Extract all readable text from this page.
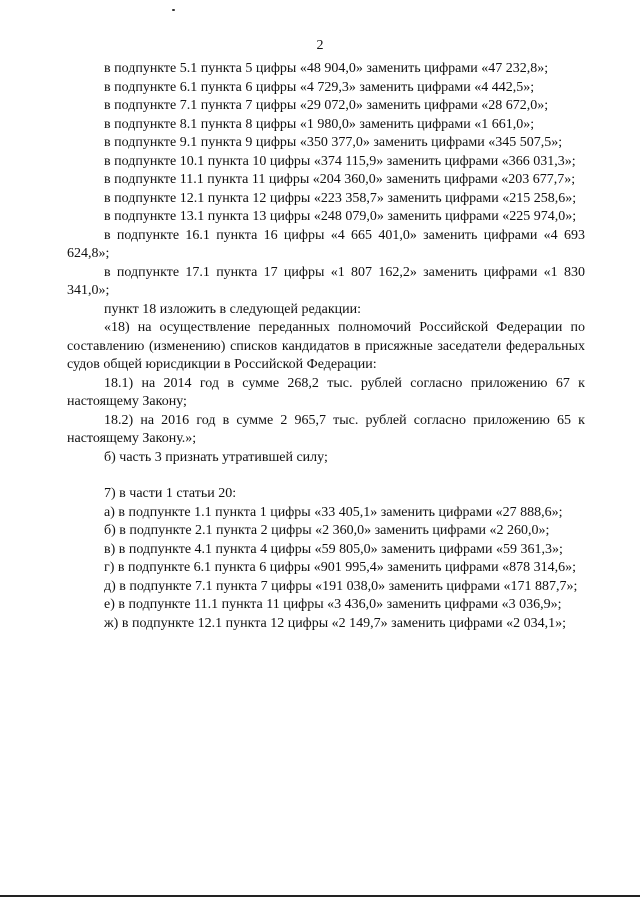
2

в подпункте 5.1 пункта 5 цифры «48 904,0» заменить цифрами «47 232,8»;

в подпункте 6.1 пункта 6 цифры «4 729,3» заменить цифрами «4 442,5»;

в подпункте 7.1 пункта 7 цифры «29 072,0» заменить цифрами «28 672,0»;

в подпункте 8.1 пункта 8 цифры «1 980,0» заменить цифрами «1 661,0»;

в подпункте 9.1 пункта 9 цифры «350 377,0» заменить цифрами «345 507,5»;

в подпункте 10.1 пункта 10 цифры «374 115,9» заменить цифрами «366 031,3»;

в подпункте 11.1 пункта 11 цифры «204 360,0» заменить цифрами «203 677,7»;

в подпункте 12.1 пункта 12 цифры «223 358,7» заменить цифрами «215 258,6»;

в подпункте 13.1 пункта 13 цифры «248 079,0» заменить цифрами «225 974,0»;

в подпункте 16.1 пункта 16 цифры «4 665 401,0» заменить цифрами «4 693 624,8»;

в подпункте 17.1 пункта 17 цифры «1 807 162,2» заменить цифрами «1 830 341,0»;

пункт 18 изложить в следующей редакции:

«18) на осуществление переданных полномочий Российской Федерации по составлению (изменению) списков кандидатов в присяжные заседатели федеральных судов общей юрисдикции в Российской Федерации:

18.1) на 2014 год в сумме 268,2 тыс. рублей согласно приложению 67 к настоящему Закону;

18.2) на 2016 год в сумме 2 965,7 тыс. рублей согласно приложению 65 к настоящему Закону.»;

б) часть 3 признать утратившей силу;

7) в части 1 статьи 20:

а) в подпункте 1.1 пункта 1 цифры «33 405,1» заменить цифрами «27 888,6»;

б) в подпункте 2.1 пункта 2 цифры «2 360,0» заменить цифрами «2 260,0»;

в) в подпункте 4.1 пункта 4 цифры «59 805,0» заменить цифрами «59 361,3»;

г) в подпункте 6.1 пункта 6 цифры «901 995,4» заменить цифрами «878 314,6»;

д) в подпункте 7.1 пункта 7 цифры «191 038,0» заменить цифрами «171 887,7»;

е) в подпункте 11.1 пункта 11 цифры «3 436,0» заменить цифрами «3 036,9»;

ж) в подпункте 12.1 пункта 12 цифры «2 149,7» заменить цифрами «2 034,1»;
